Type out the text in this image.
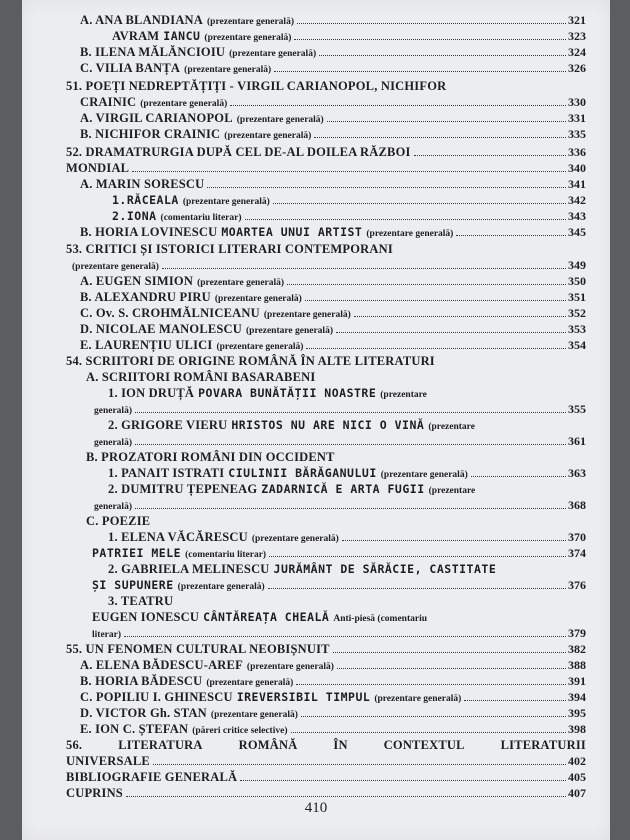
A. ANA BLANDIANA (prezentare generală)	321
AVRAM IANCU (prezentare generală)	323
B. ILENA MĂLĂNCIOIU (prezentare generală)	324
C. VILIA BANȚA (prezentare generală)	326
51. POEȚI NEDREPTĂȚIȚI - VIRGIL CARIANOPOL, NICHIFOR
CRAINIC (prezentare generală)	330
A. VIRGIL CARIANOPOL (prezentare generală)	331
B. NICHIFOR CRAINIC (prezentare generală)	335
52. DRAMATRURGIA DUPĂ CEL DE-AL DOILEA RĂZBOI	336
MONDIAL	340
A. MARIN SORESCU	341
1.RĂCEALA (prezentare generală)	342
2.IONA (comentariu literar)	343
B. HORIA LOVINESCU MOARTEA UNUI ARTIST (prezentare generală)	345
53. CRITICI ȘI ISTORICI LITERARI CONTEMPORANI
(prezentare generală)	349
A. EUGEN SIMION (prezentare generală)	350
B. ALEXANDRU PIRU (prezentare generală)	351
C. Ov. S. CROHMĂLNICEANU (prezentare generală)	352
D. NICOLAE MANOLESCU (prezentare generală)	353
E. LAURENȚIU ULICI (prezentare generală)	354
54. SCRIITORI DE ORIGINE ROMÂNĂ ÎN ALTE LITERATURI
A. SCRIITORI ROMÂNI BASARABENI
1. ION DRUȚĂ POVARA BUNĂTĂȚII NOASTRE (prezentare
generală)	355
2. GRIGORE VIERU HRISTOS NU ARE NICI O VINĂ (prezentare
generală)	361
B. PROZATORI ROMÂNI DIN OCCIDENT
1. PANAIT ISTRATI CIULINII BĂRĂGANULUI (prezentare generală)	363
2. DUMITRU ȚEPENEAG ZADARNICĂ E ARTA FUGII (prezentare
generală)	368
C. POEZIE
1. ELENA VĂCĂRESCU (prezentare generală)	370
PATRIEI MELE (comentariu literar)	374
2. GABRIELA MELINESCU JURĂMÂNT DE SĂRĂCIE, CASTITATE
ȘI SUPUNERE (prezentare generală)	376
3. TEATRU
EUGEN IONESCU CÂNTĂREAȚA CHEALĂ Anti-piesă (comentariu
literar)	379
55. UN FENOMEN CULTURAL NEOBIȘNUIT	382
A. ELENA BĂDESCU-AREF (prezentare generală)	388
B. HORIA BĂDESCU (prezentare generală)	391
C. POPILIU I. GHINESCU IREVERSIBIL TIMPUL (prezentare generală)	394
D. VICTOR Gh. STAN (prezentare generală)	395
E. ION C. ȘTEFAN (păreri critice selective)	398
56.	LITERATURA	ROMÂNĂ	ÎN	CONTEXTUL	LITERATURII
UNIVERSALE	402
BIBLIOGRAFIE GENERALĂ	405
CUPRINS	407
410
